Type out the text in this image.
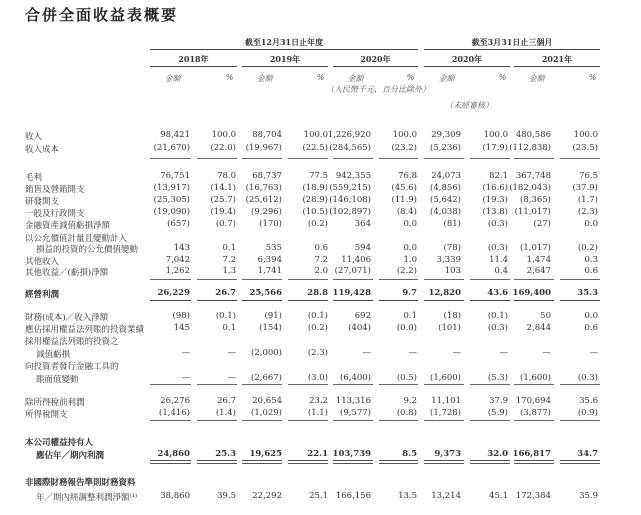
合併全面收益表概要
截至12月31日止年度	截至3月31日止三個月
2018年
金額	%
2019年
金額	%
2020年
金額	%
2020年
金額	%
2021年
金額	%
（人民幣千元，百分比除外）
（未經審核）
收入	98,421	100.0	88,704	100.0 1,226,920	100.0	29,309	100.0 480,586	100.0
收入成本	(21,670)	(22.0)	(19,967)	(22.5) (284,565)	(23.2)	(5,236)	(17.9) (112,838)	(23.5)
毛利	76,751	78.0	68,737	77.5 942,355	76.8	24,073	82.1 367,748	76.5
銷售及營銷開支	(13,917)	(14.1)	(16,763)	(18.9) (559,215)	(45.6)	(4,856)	(16.6) (182,043)	(37.9)
研發開支	(25,305)	(25.7)	(25,612)	(28.9) (146,108)	(11.9)	(5,642)	(19.3)	(8,365)	(1.7)
一般及行政開支	(19,090)	(19.4)	(9,296)	(10.5) (102,897)	(8.4)	(4,038)	(13.8) (11,017)	(2.3)
金融資產減值虧損淨額	(657)	(0.7)	(170)	(0.2)	364	0.0	(81)	(0.3)	(27)	0.0
以公允價值計量且變動計入
損益的投資的公允價值變動	143	0.1	535	0.6	594	0.0	(78)	(0.3)	(1,017)	(0.2)
其他收入	7,042	7.2	6,394	7.2	11,406	1.0	3,339	11.4	1,474	0.3
其他收益／(虧損)淨額	1,262	1.3	1,741	2.0 (27,071)	(2.2)	103	0.4	2,647	0.6
經營利潤	26,229	26.7	25,566	28.8 119,428	9.7	12,820	43.6 169,400	35.3
財務(成本)／收入淨額	(98)	(0.1)	(91)	(0.1)	692	0.1	(18)	(0.1)	50	0.0
應佔採用權益法列賬的投資業績	145	0.1	(154)	(0.2)	(404)	(0.0)	(101)	(0.3)	2,844	0.6
採用權益法列賬的投資之
減值虧損	—	—	(2,000)	(2.3)	—	—	—	—	—	—
向投資者發行金融工具的
賬面值變動	—	—	(2,667)	(3.0)	(6,400)	(0.5)	(1,600)	(5.3)	(1,600)	(0.3)
除所得稅前利潤	26,276	26.7	20,654	23.2 113,316	9.2	11,101	37.9 170,694	35.6
所得稅開支	(1,416)	(1.4)	(1,029)	(1.1)	(9,577)	(0.8)	(1,728)	(5.9)	(3,877)	(0.9)
本公司權益持有人
應佔年／期內利潤	24,860	25.3	19,625	22.1 103,739	8.5	9,373	32.0 166,817	34.7
非國際財務報告準則財務資料
年／期內經調整利潤淨額⁽¹⁾	38,860	39.5	22,292	25.1 166,156	13.5	13,214	45.1 172,384	35.9
